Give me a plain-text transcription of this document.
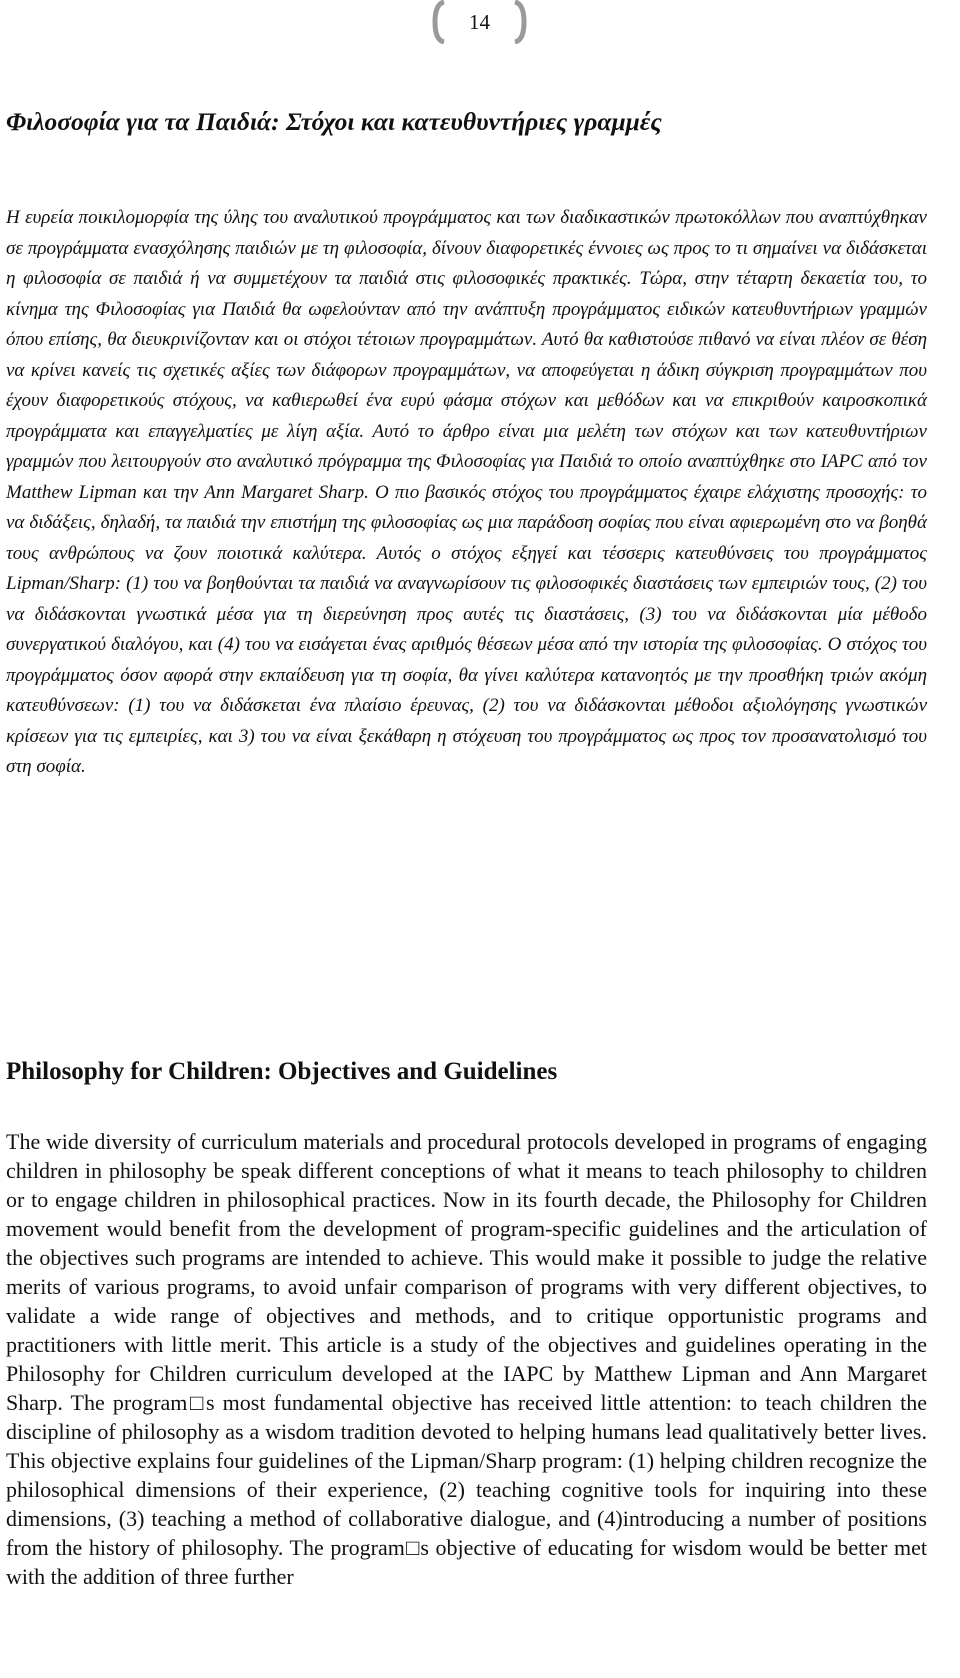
14
Φιλοσοφία για τα Παιδιά: Στόχοι και κατευθυντήριες γραμμές

Η ευρεία ποικιλομορφία της ύλης του αναλυτικού προγράμματος και των διαδικαστικών πρωτοκόλλων που αναπτύχθηκαν σε προγράμματα ενασχόλησης παιδιών με τη φιλοσοφία, δίνουν διαφορετικές έννοιες ως προς το τι σημαίνει να διδάσκεται η φιλοσοφία σε παιδιά ή να συμμετέχουν τα παιδιά στις φιλοσοφικές πρακτικές. Τώρα, στην τέταρτη δεκαετία του, το κίνημα της Φιλοσοφίας για Παιδιά θα ωφελούνταν από την ανάπτυξη προγράμματος ειδικών κατευθυντήριων γραμμών όπου επίσης, θα διευκρινίζονταν και οι στόχοι τέτοιων προγραμμάτων. Αυτό θα καθιστούσε πιθανό να είναι πλέον σε θέση να κρίνει κανείς τις σχετικές αξίες των διάφορων προγραμμάτων, να αποφεύγεται η άδικη σύγκριση προγραμμάτων που έχουν διαφορετικούς στόχους, να καθιερωθεί ένα ευρύ φάσμα στόχων και μεθόδων και να επικριθούν καιροσκοπικά προγράμματα και επαγγελματίες με λίγη αξία. Αυτό το άρθρο είναι μια μελέτη των στόχων και των κατευθυντήριων γραμμών που λειτουργούν στο αναλυτικό πρόγραμμα της Φιλοσοφίας για Παιδιά το οποίο αναπτύχθηκε στο IAPC από τον Matthew Lipman και την Ann Margaret Sharp. Ο πιο βασικός στόχος του προγράμματος έχαιρε ελάχιστης προσοχής: το να διδάξεις, δηλαδή, τα παιδιά την επιστήμη της φιλοσοφίας ως μια παράδοση σοφίας που είναι αφιερωμένη στο να βοηθά τους ανθρώπους να ζουν ποιοτικά καλύτερα. Αυτός ο στόχος εξηγεί και τέσσερις κατευθύνσεις του προγράμματος Lipman/Sharp: (1) του να βοηθούνται τα παιδιά να αναγνωρίσουν τις φιλοσοφικές διαστάσεις των εμπειριών τους, (2) του να διδάσκονται γνωστικά μέσα για τη διερεύνηση προς αυτές τις διαστάσεις, (3) του να διδάσκονται μία μέθοδο συνεργατικού διαλόγου, και (4) του να εισάγεται ένας αριθμός θέσεων μέσα από την ιστορία της φιλοσοφίας. Ο στόχος του προγράμματος όσον αφορά στην εκπαίδευση για τη σοφία, θα γίνει καλύτερα κατανοητός με την προσθήκη τριών ακόμη κατευθύνσεων: (1) του να διδάσκεται ένα πλαίσιο έρευνας, (2) του να διδάσκονται μέθοδοι αξιολόγησης γνωστικών κρίσεων για τις εμπειρίες, και 3) του να είναι ξεκάθαρη η στόχευση του προγράμματος ως προς τον προσανατολισμό του στη σοφία.

Philosophy for Children: Objectives and Guidelines

The wide diversity of curriculum materials and procedural protocols developed in programs of engaging children in philosophy be speak different conceptions of what it means to teach philosophy to children or to engage children in philosophical practices. Now in its fourth decade, the Philosophy for Children movement would benefit from the development of program-specific guidelines and the articulation of the objectives such programs are intended to achieve. This would make it possible to judge the relative merits of various programs, to avoid unfair comparison of programs with very different objectives, to validate a wide range of objectives and methods, and to critique opportunistic programs and practitioners with little merit. This article is a study of the objectives and guidelines operating in the Philosophy for Children curriculum developed at the IAPC by Matthew Lipman and Ann Margaret Sharp. The program□s most fundamental objective has received little attention: to teach children the discipline of philosophy as a wisdom tradition devoted to helping humans lead qualitatively better lives. This objective explains four guidelines of the Lipman/Sharp program: (1) helping children recognize the philosophical dimensions of their experience, (2) teaching cognitive tools for inquiring into these dimensions, (3) teaching a method of collaborative dialogue, and (4)introducing a number of positions from the history of philosophy. The program□s objective of educating for wisdom would be better met with the addition of three further
